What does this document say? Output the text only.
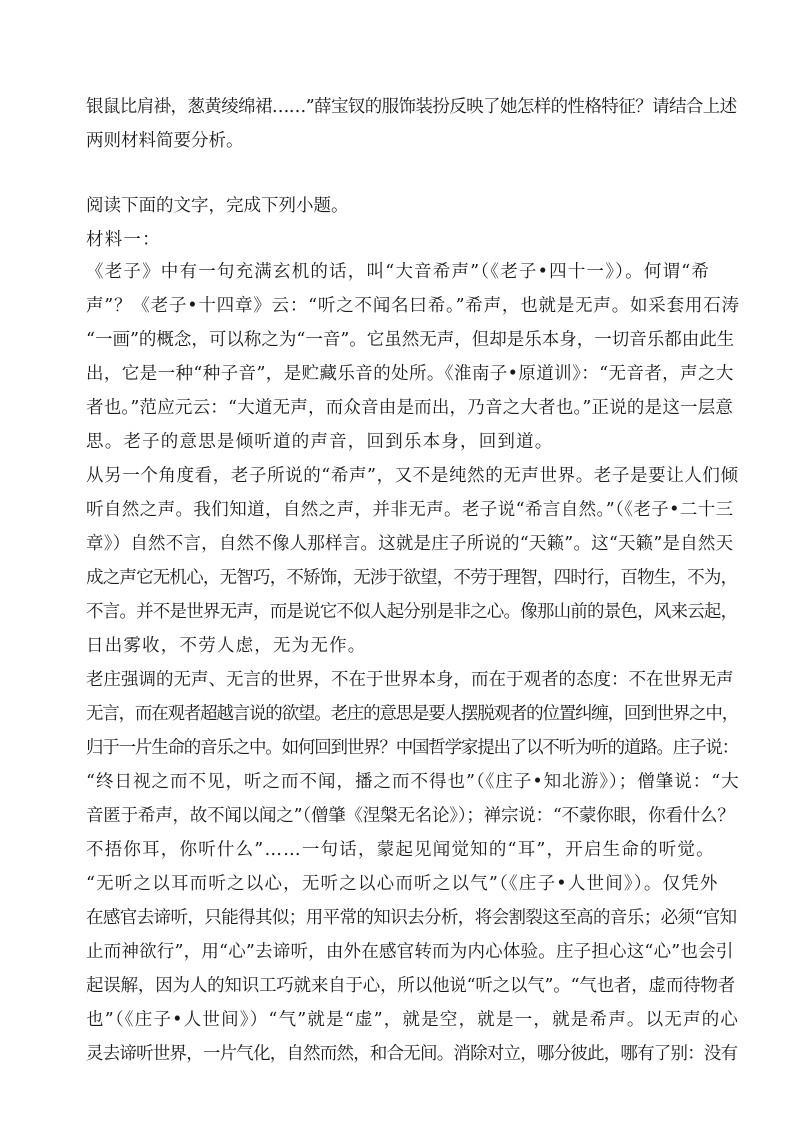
银鼠比肩褂，葱黄绫绵裙……”薛宝钗的服饰装扮反映了她怎样的性格特征？请结合上述
两则材料简要分析。
阅读下面的文字，完成下列小题。
材料一：
《老子》中有一句充满玄机的话，叫“大音希声”（《老子•四十一》）。何谓“希
声”？《老子•十四章》云：“听之不闻名曰希。”希声，也就是无声。如采套用石涛
“一画”的概念，可以称之为“一音”。它虽然无声，但却是乐本身，一切音乐都由此生
出，它是一种“种子音”，是贮藏乐音的处所。《淮南子•原道训》：“无音者，声之大
者也。”范应元云：“大道无声，而众音由是而出，乃音之大者也。”正说的是这一层意
思。老子的意思是倾听道的声音，回到乐本身，回到道。
从另一个角度看，老子所说的“希声”，又不是纯然的无声世界。老子是要让人们倾
听自然之声。我们知道，自然之声，并非无声。老子说“希言自然。”（《老子•二十三
章》）自然不言，自然不像人那样言。这就是庄子所说的“天籁”。这“天籁”是自然天
成之声它无机心，无智巧，不矫饰，无涉于欲望，不劳于理智，四时行，百物生，不为，
不言。并不是世界无声，而是说它不似人起分别是非之心。像那山前的景色，风来云起，
日出雾收，不劳人虑，无为无作。
老庄强调的无声、无言的世界，不在于世界本身，而在于观者的态度：不在世界无声
无言，而在观者超越言说的欲望。老庄的意思是要人摆脱观者的位置纠缠，回到世界之中，
归于一片生命的音乐之中。如何回到世界？中国哲学家提出了以不听为听的道路。庄子说：
“终日视之而不见，听之而不闻，播之而不得也”（《庄子•知北游》）；僧肇说：“大
音匿于希声，故不闻以闻之”（僧肇《涅槃无名论》）；禅宗说：“不蒙你眼，你看什么？
不捂你耳，你听什么”……一句话，蒙起见闻觉知的“耳”，开启生命的听觉。
“无听之以耳而听之以心，无听之以心而听之以气”（《庄子•人世间》）。仅凭外
在感官去谛听，只能得其似；用平常的知识去分析，将会割裂这至高的音乐；必须“官知
止而神欲行”，用“心”去谛听，由外在感官转而为内心体验。庄子担心这“心”也会引
起误解，因为人的知识工巧就来自于心，所以他说“听之以气”。“气也者，虚而待物者
也”（《庄子•人世间》）“气”就是“虚”，就是空，就是一，就是希声。以无声的心
灵去谛听世界，一片气化，自然而然，和合无间。消除对立，哪分彼此，哪有了别：没有
